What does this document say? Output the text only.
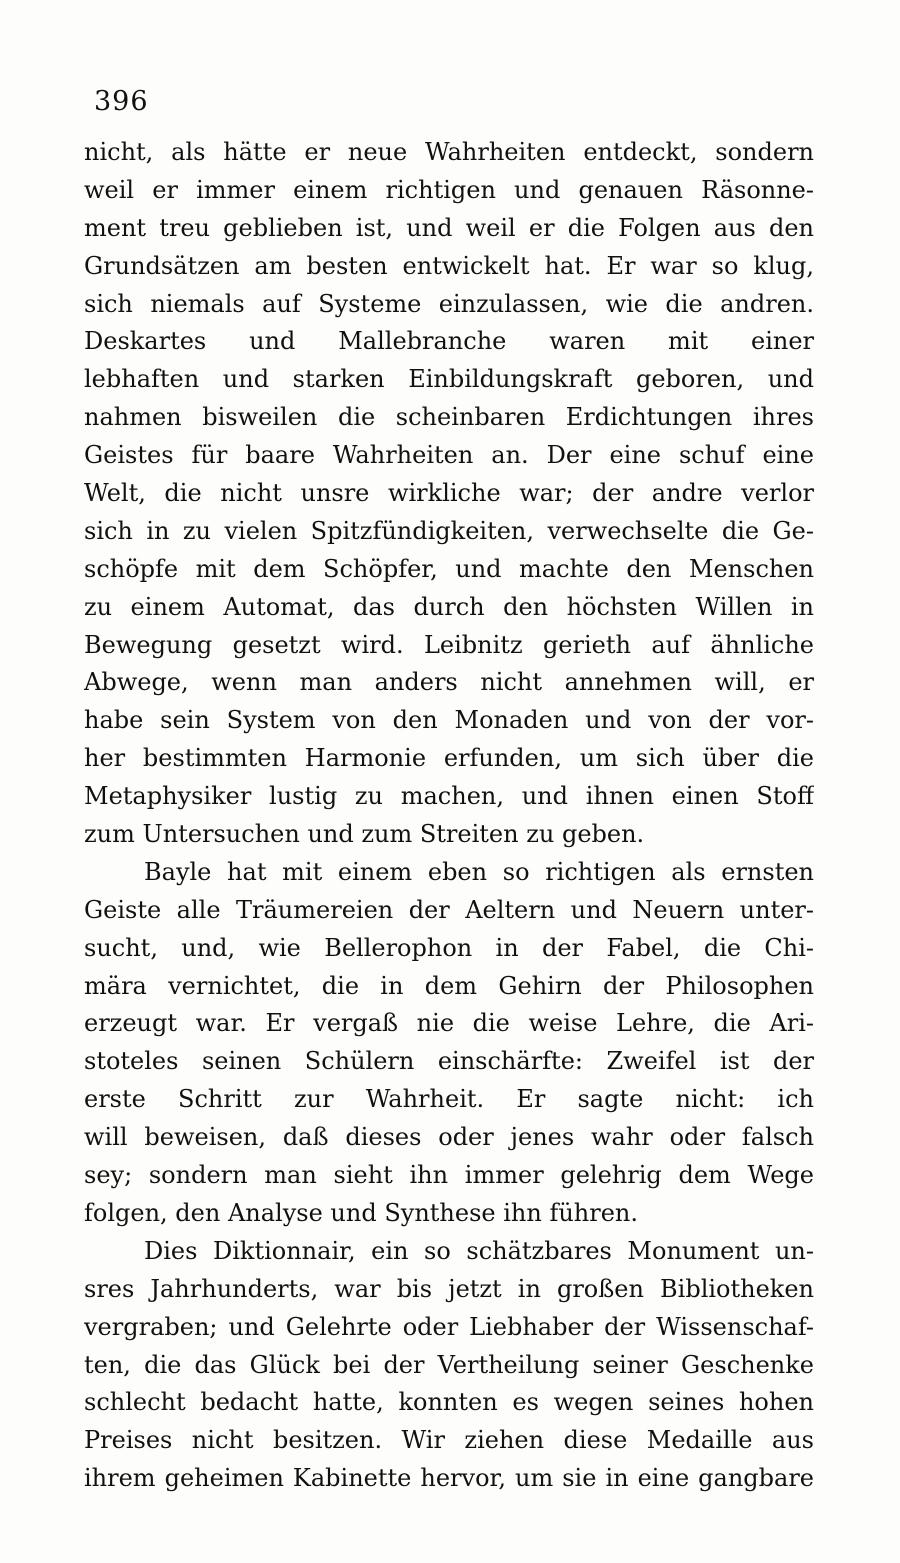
396
nicht, als hätte er neue Wahrheiten entdeckt, sondern
weil er immer einem richtigen und genauen Räsonne-
ment treu geblieben ist, und weil er die Folgen aus den
Grundsätzen am besten entwickelt hat. Er war so klug,
sich niemals auf Systeme einzulassen, wie die andren.
Deskartes und Mallebranche waren mit einer
lebhaften und starken Einbildungskraft geboren, und
nahmen bisweilen die scheinbaren Erdichtungen ihres
Geistes für baare Wahrheiten an. Der eine schuf eine
Welt, die nicht unsre wirkliche war; der andre verlor
sich in zu vielen Spitzfündigkeiten, verwechselte die Ge-
schöpfe mit dem Schöpfer, und machte den Menschen
zu einem Automat, das durch den höchsten Willen in
Bewegung gesetzt wird. Leibnitz gerieth auf ähnliche
Abwege, wenn man anders nicht annehmen will, er
habe sein System von den Monaden und von der vor-
her bestimmten Harmonie erfunden, um sich über die
Metaphysiker lustig zu machen, und ihnen einen Stoff
zum Untersuchen und zum Streiten zu geben.
Bayle hat mit einem eben so richtigen als ernsten
Geiste alle Träumereien der Aeltern und Neuern unter-
sucht, und, wie Bellerophon in der Fabel, die Chi-
märа vernichtet, die in dem Gehirn der Philosophen
erzeugt war. Er vergaß nie die weise Lehre, die Ari-
stoteles seinen Schülern einschärfte: Zweifel ist der
erste Schritt zur Wahrheit. Er sagte nicht: ich
will beweisen, daß dieses oder jenes wahr oder falsch
sey; sondern man sieht ihn immer gelehrig dem Wege
folgen, den Analyse und Synthese ihn führen.
Dies Diktionnair, ein so schätzbares Monument un-
sres Jahrhunderts, war bis jetzt in großen Bibliotheken
vergraben; und Gelehrte oder Liebhaber der Wissenschaf-
ten, die das Glück bei der Vertheilung seiner Geschenke
schlecht bedacht hatte, konnten es wegen seines hohen
Preises nicht besitzen. Wir ziehen diese Medaille aus
ihrem geheimen Kabinette hervor, um sie in eine gangbare
